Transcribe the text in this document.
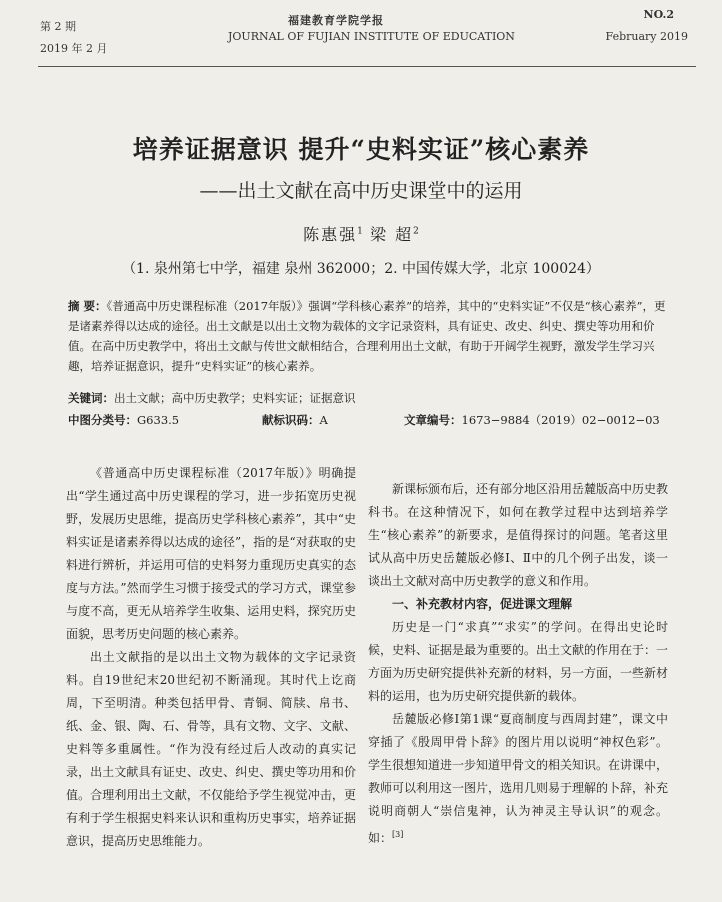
第 2 期
2019 年 2 月
福建教育学院学报
JOURNAL OF FUJIAN INSTITUTE OF EDUCATION
NO.2
February 2019
培养证据意识 提升“史料实证”核心素养
——出土文献在高中历史课堂中的运用
陈惠强$^1$ 梁 超$^2$
（1. 泉州第七中学，福建 泉州 362000；2. 中国传媒大学，北京 100024）
摘 要：《普通高中历史课程标准（2017年版）》强调“学科核心素养”的培养，其中的“史料实证”不仅是“核心素养”，更是诸素养得以达成的途径。出土文献是以出土文物为载体的文字记录资料，具有证史、改史、纠史、撰史等功用和价值。在高中历史教学中，将出土文献与传世文献相结合，合理利用出土文献，有助于开阔学生视野，激发学生学习兴趣，培养证据意识，提升“史料实证”的核心素养。
关键词：出土文献；高中历史教学；史料实证；证据意识
中图分类号：G633.5	献标识码：A	文章编号：1673−9884（2019）02−0012−03

《普通高中历史课程标准（2017年版）》明确提出“学生通过高中历史课程的学习，进一步拓宽历史视野，发展历史思维，提高历史学科核心素养”，其中“史料实证是诸素养得以达成的途径”，指的是“对获取的史料进行辨析，并运用可信的史料努力重现历史真实的态度与方法。”然而学生习惯于接受式的学习方式，课堂参与度不高，更无从培养学生收集、运用史料，探究历史面貌，思考历史问题的核心素养。

出土文献指的是以出土文物为载体的文字记录资料。自19世纪末20世纪初不断涌现。其时代上讫商周，下至明清。种类包括甲骨、青铜、简牍、帛书、纸、金、银、陶、石、骨等，具有文物、文字、文献、史料等多重属性。“作为没有经过后人改动的真实记录，出土文献具有证史、改史、纠史、撰史等功用和价值。合理利用出土文献，不仅能给予学生视觉冲击，更有利于学生根据史料来认识和重构历史事实，培养证据意识，提高历史思维能力。

新课标颁布后，还有部分地区沿用岳麓版高中历史教科书。在这种情况下，如何在教学过程中达到培养学生“核心素养”的新要求，是值得探讨的问题。笔者这里试从高中历史岳麓版必修Ⅰ、Ⅱ中的几个例子出发，谈一谈出土文献对高中历史教学的意义和作用。

一、补充教材内容，促进课文理解

历史是一门“求真”“求实”的学问。在得出史论时候，史料、证据是最为重要的。出土文献的作用在于：一方面为历史研究提供补充新的材料，另一方面，一些新材料的运用，也为历史研究提供新的载体。

岳麓版必修Ⅰ第1课“夏商制度与西周封建”，课文中穿插了《殷周甲骨卜辞》的图片用以说明“神权色彩”。学生很想知道进一步知道甲骨文的相关知识。在讲课中，教师可以利用这一图片，选用几则易于理解的卜辞，补充说明商朝人“崇信鬼神，认为神灵主导认识”的观念。如：[3]
